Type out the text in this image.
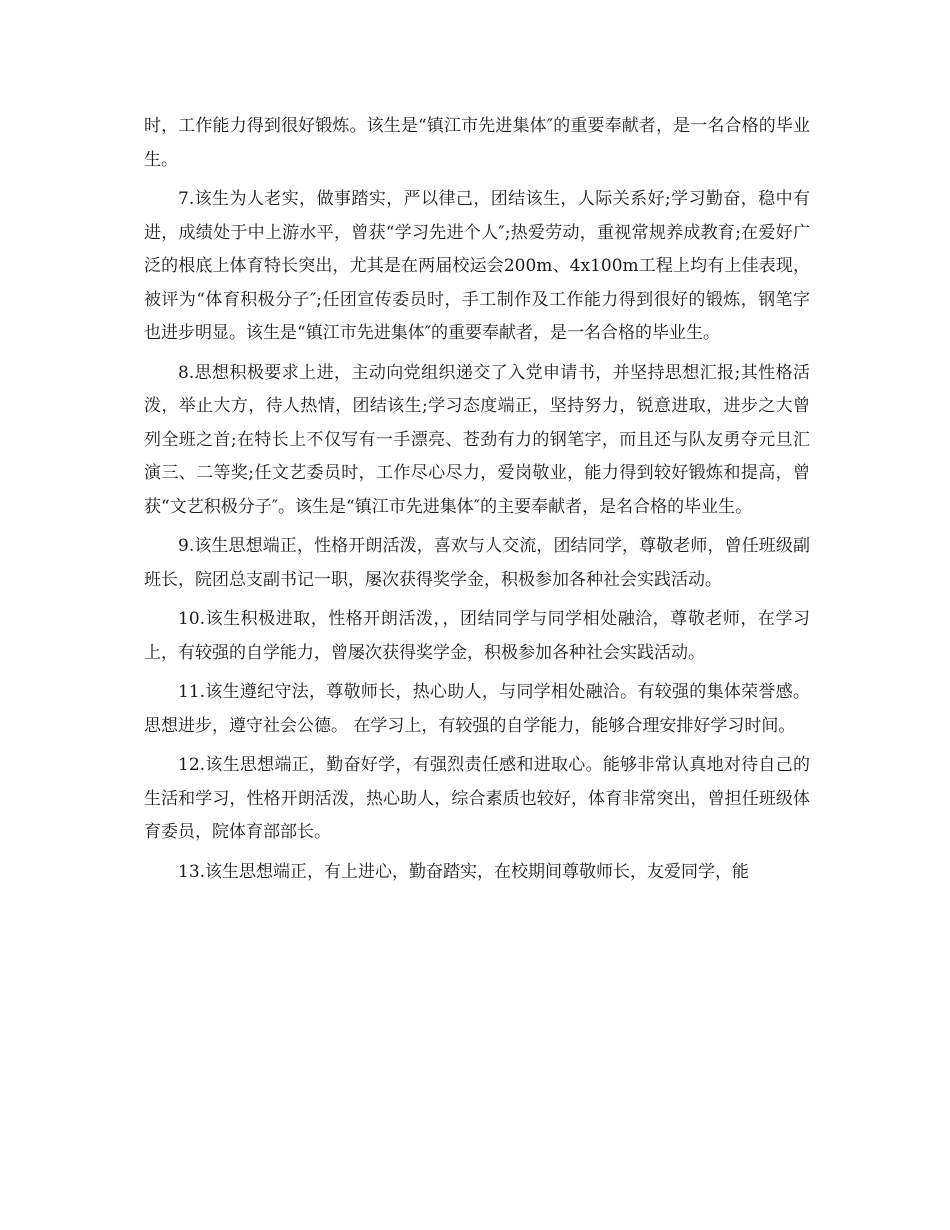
时，工作能力得到很好锻炼。该生是“镇江市先进集体″的重要奉献者，是一名合格的毕业生。

7.该生为人老实，做事踏实，严以律己，团结该生，人际关系好;学习勤奋，稳中有进，成绩处于中上游水平，曾获“学习先进个人″;热爱劳动，重视常规养成教育;在爱好广泛的根底上体育特长突出，尤其是在两届校运会200m、4x100m工程上均有上佳表现，被评为“体育积极分子″;任团宣传委员时，手工制作及工作能力得到很好的锻炼，钢笔字也进步明显。该生是“镇江市先进集体″的重要奉献者，是一名合格的毕业生。

8.思想积极要求上进，主动向党组织递交了入党申请书，并坚持思想汇报;其性格活泼，举止大方，待人热情，团结该生;学习态度端正，坚持努力，锐意进取，进步之大曾列全班之首;在特长上不仅写有一手漂亮、苍劲有力的钢笔字，而且还与队友勇夺元旦汇演三、二等奖;任文艺委员时，工作尽心尽力，爱岗敬业，能力得到较好锻炼和提高，曾获“文艺积极分子″。该生是“镇江市先进集体″的主要奉献者，是名合格的毕业生。

9.该生思想端正，性格开朗活泼，喜欢与人交流，团结同学，尊敬老师，曾任班级副班长，院团总支副书记一职，屡次获得奖学金，积极参加各种社会实践活动。

10.该生积极进取，性格开朗活泼，，团结同学与同学相处融洽，尊敬老师，在学习上，有较强的自学能力，曾屡次获得奖学金，积极参加各种社会实践活动。

11.该生遵纪守法，尊敬师长，热心助人，与同学相处融洽。有较强的集体荣誉感。思想进步，遵守社会公德。 在学习上，有较强的自学能力，能够合理安排好学习时间。

12.该生思想端正，勤奋好学，有强烈责任感和进取心。能够非常认真地对待自己的生活和学习，性格开朗活泼，热心助人，综合素质也较好，体育非常突出，曾担任班级体育委员，院体育部部长。

13.该生思想端正，有上进心，勤奋踏实，在校期间尊敬师长，友爱同学，能
